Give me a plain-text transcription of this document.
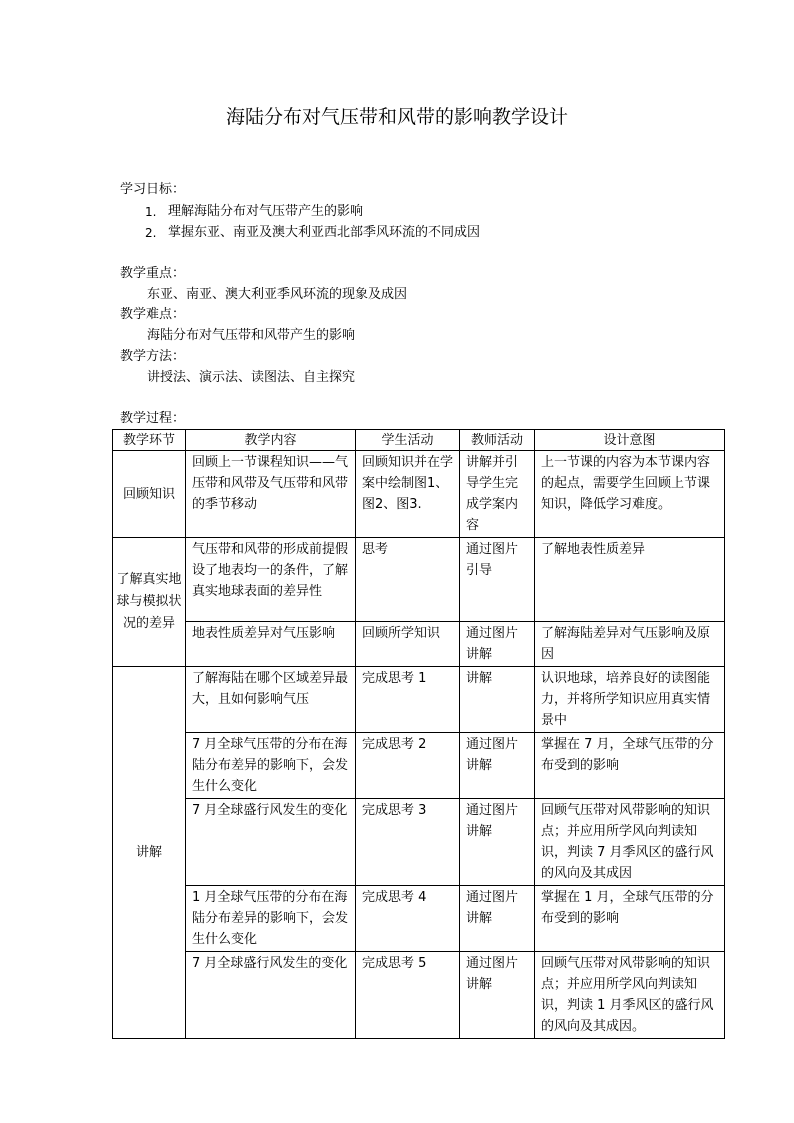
海陆分布对气压带和风带的影响教学设计
学习日标：
1. 理解海陆分布对气压带产生的影响
2. 掌握东亚、南亚及澳大利亚西北部季风环流的不同成因
教学重点：
东亚、南亚、澳大利亚季风环流的现象及成因
教学难点：
海陆分布对气压带和风带产生的影响
教学方法：
讲授法、演示法、读图法、自主探究
教学过程：
教学环节	教学内容	学生活动	教师活动	设计意图
回顾知识	回顾上一节课程知识——气压带和风带及气压带和风带的季节移动	回顾知识并在学案中绘制图1、图2、图3.	讲解并引导学生完成学案内容	上一节课的内容为本节课内容的起点，需要学生回顾上节课知识，降低学习难度。
了解真实地球与模拟状况的差异	气压带和风带的形成前提假设了地表均一的条件，了解真实地球表面的差异性	思考	通过图片引导	了解地表性质差异
	地表性质差异对气压影响	回顾所学知识	通过图片讲解	了解海陆差异对气压影响及原因
讲解	了解海陆在哪个区域差异最大，且如何影响气压	完成思考 1	讲解	认识地球，培养良好的读图能力，并将所学知识应用真实情景中
	7 月全球气压带的分布在海陆分布差异的影响下，会发生什么变化	完成思考 2	通过图片讲解	掌握在 7 月，全球气压带的分布受到的影响
	7 月全球盛行风发生的变化	完成思考 3	通过图片讲解	回顾气压带对风带影响的知识点；并应用所学风向判读知识，判读 7 月季风区的盛行风的风向及其成因
	1 月全球气压带的分布在海陆分布差异的影响下，会发生什么变化	完成思考 4	通过图片讲解	掌握在 1 月，全球气压带的分布受到的影响
	7 月全球盛行风发生的变化	完成思考 5	通过图片讲解	回顾气压带对风带影响的知识点；并应用所学风向判读知识，判读 1 月季风区的盛行风的风向及其成因。
